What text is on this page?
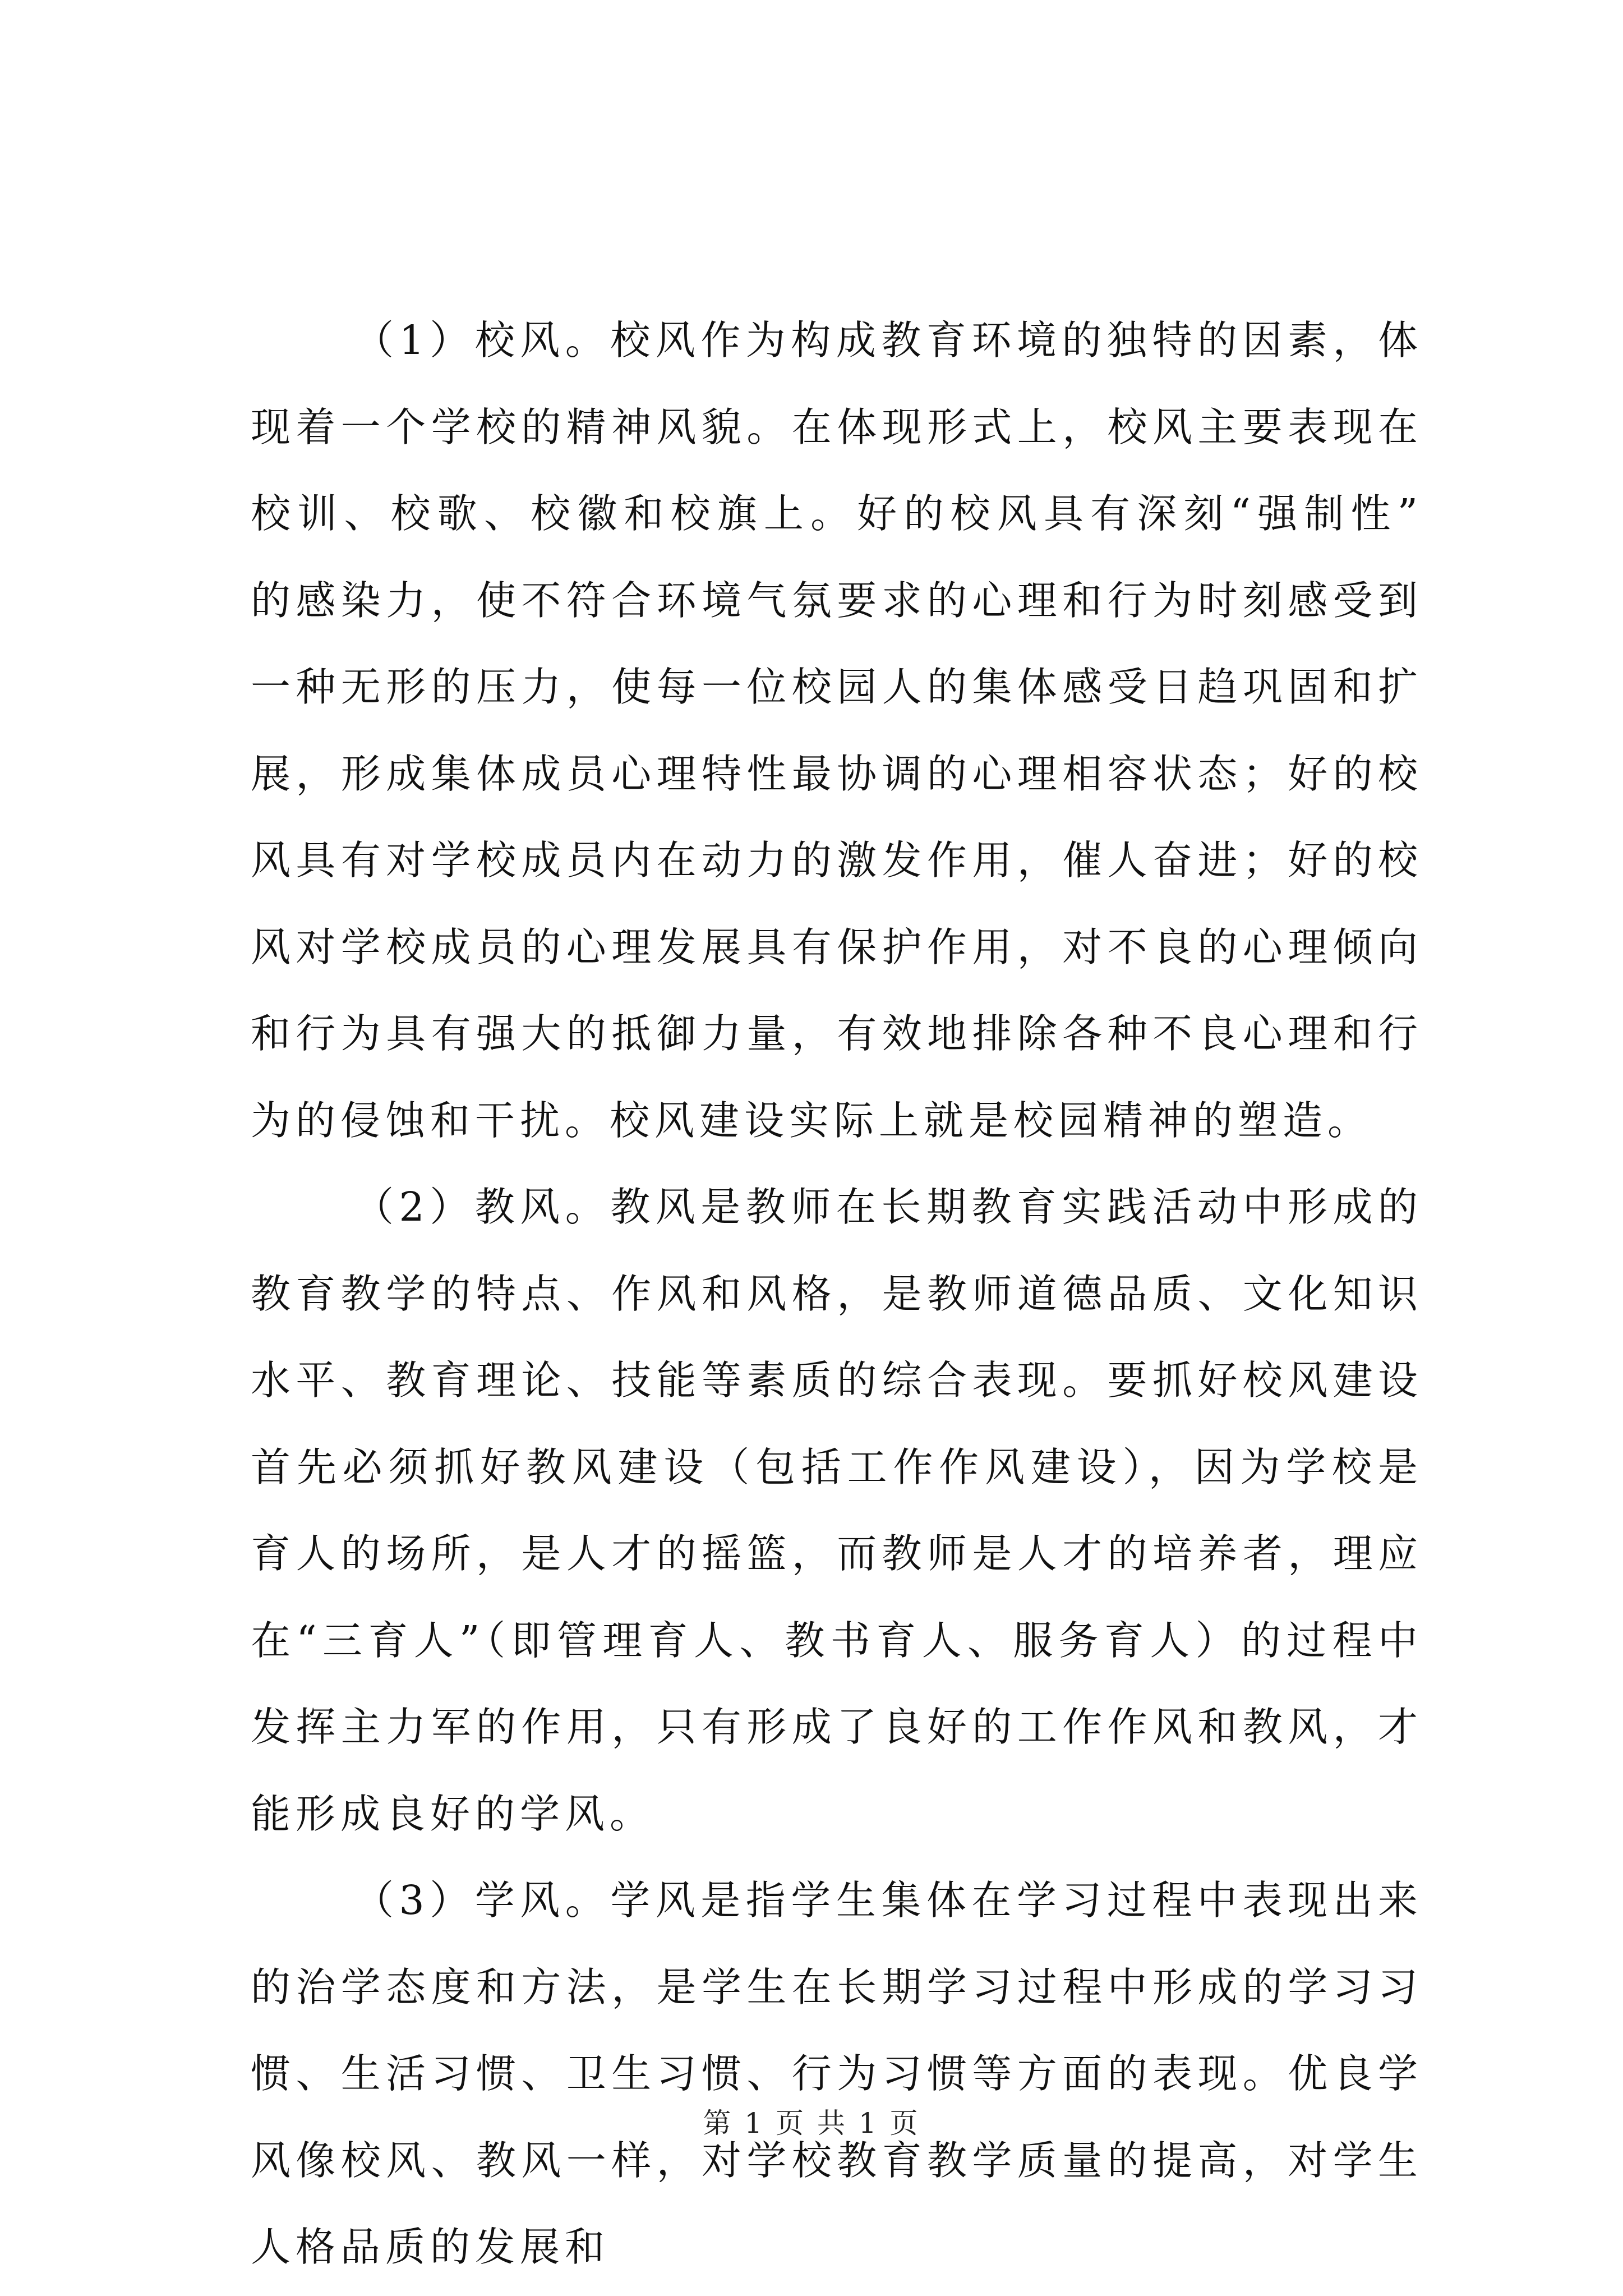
（1）校风。校风作为构成教育环境的独特的因素，体现着一个学校的精神风貌。在体现形式上，校风主要表现在校训、校歌、校徽和校旗上。好的校风具有深刻“强制性”的感染力，使不符合环境气氛要求的心理和行为时刻感受到一种无形的压力，使每一位校园人的集体感受日趋巩固和扩展，形成集体成员心理特性最协调的心理相容状态；好的校风具有对学校成员内在动力的激发作用，催人奋进；好的校风对学校成员的心理发展具有保护作用，对不良的心理倾向和行为具有强大的抵御力量，有效地排除各种不良心理和行为的侵蚀和干扰。校风建设实际上就是校园精神的塑造。

（2）教风。教风是教师在长期教育实践活动中形成的教育教学的特点、作风和风格，是教师道德品质、文化知识水平、教育理论、技能等素质的综合表现。要抓好校风建设首先必须抓好教风建设（包括工作作风建设），因为学校是育人的场所，是人才的摇篮，而教师是人才的培养者，理应在“三育人”（即管理育人、教书育人、服务育人）的过程中发挥主力军的作用，只有形成了良好的工作作风和教风，才能形成良好的学风。

（3）学风。学风是指学生集体在学习过程中表现出来的治学态度和方法，是学生在长期学习过程中形成的学习习惯、生活习惯、卫生习惯、行为习惯等方面的表现。优良学风像校风、教风一样，对学校教育教学质量的提高，对学生人格品质的发展和

第 1 页 共 1 页
